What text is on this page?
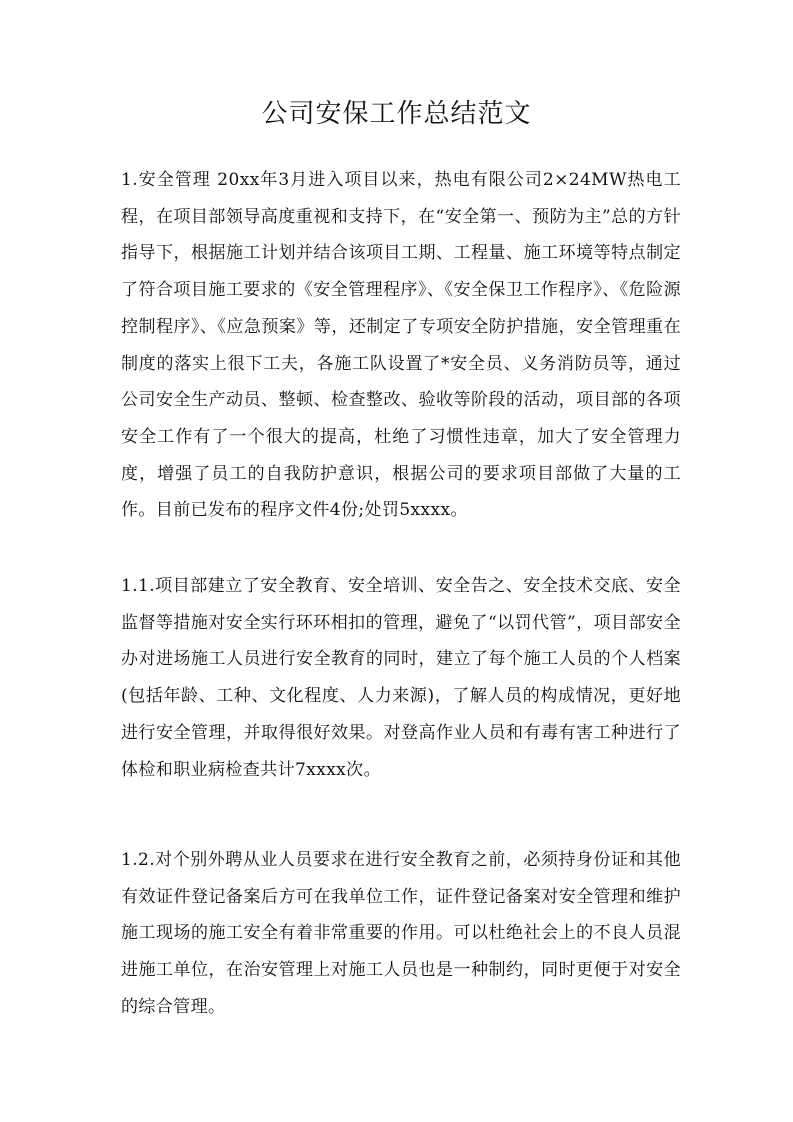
公司安保工作总结范文

1.安全管理 20xx年3月进入项目以来，热电有限公司2×24MW热电工程，在项目部领导高度重视和支持下，在“安全第一、预防为主”总的方针指导下，根据施工计划并结合该项目工期、工程量、施工环境等特点制定了符合项目施工要求的《安全管理程序》、《安全保卫工作程序》、《危险源控制程序》、《应急预案》等，还制定了专项安全防护措施，安全管理重在制度的落实上很下工夫，各施工队设置了*安全员、义务消防员等，通过公司安全生产动员、整顿、检查整改、验收等阶段的活动，项目部的各项安全工作有了一个很大的提高，杜绝了习惯性违章，加大了安全管理力度，增强了员工的自我防护意识，根据公司的要求项目部做了大量的工作。目前已发布的程序文件4份;处罚5xxxx。

1.1.项目部建立了安全教育、安全培训、安全告之、安全技术交底、安全监督等措施对安全实行环环相扣的管理，避免了“以罚代管”，项目部安全办对进场施工人员进行安全教育的同时，建立了每个施工人员的个人档案(包括年龄、工种、文化程度、人力来源)，了解人员的构成情况，更好地进行安全管理，并取得很好效果。对登高作业人员和有毒有害工种进行了体检和职业病检查共计7xxxx次。

1.2.对个别外聘从业人员要求在进行安全教育之前，必须持身份证和其他有效证件登记备案后方可在我单位工作，证件登记备案对安全管理和维护施工现场的施工安全有着非常重要的作用。可以杜绝社会上的不良人员混进施工单位，在治安管理上对施工人员也是一种制约，同时更便于对安全的综合管理。
